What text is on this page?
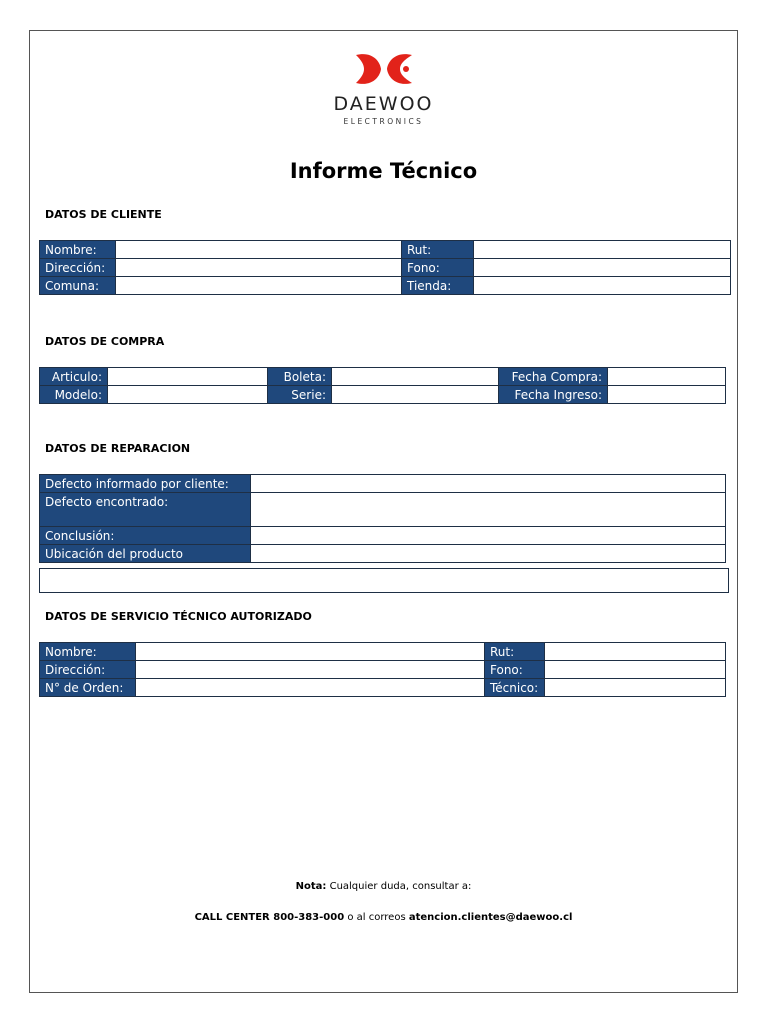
DAEWOO
ELECTRONICS
Informe Técnico
DATOS DE CLIENTE
Nombre:		Rut:	
Dirección:		Fono:	
Comuna:		Tienda:	
DATOS DE COMPRA
Articulo:		Boleta:		Fecha Compra:	
Modelo:		Serie:		Fecha Ingreso:	
DATOS DE REPARACION
Defecto informado por cliente:	
Defecto encontrado:	
Conclusión:	
Ubicación del producto	
DATOS DE SERVICIO TÉCNICO AUTORIZADO
Nombre:		Rut:	
Dirección:		Fono:	
N° de Orden:		Técnico:	
Nota: Cualquier duda, consultar a:
CALL CENTER 800-383-000 o al correos atencion.clientes@daewoo.cl
